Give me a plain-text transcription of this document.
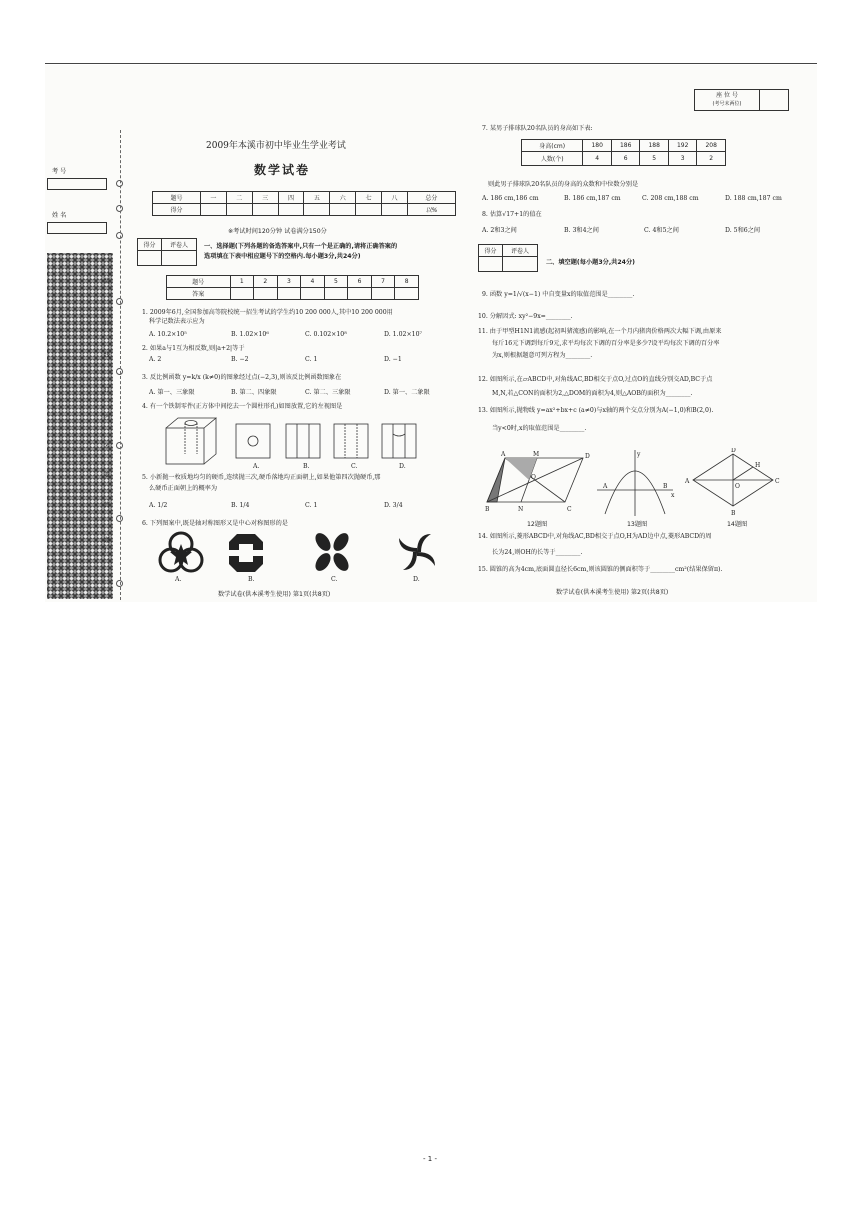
考 号
姓 名
（
装
订
线
订
内
不
要
答
题
）
2009年本溪市初中毕业生学业考试
数学试卷
题号	一	二	三	四	五	六	七	八	总分
得分									以%
※考试时间120分钟 试卷满分150分
得分	评卷人
		一、选择题(下列各题的备选答案中,只有一个是正确的,请将正确答案的
选项填在下表中相应题号下的空格内.每小题3分,共24分)
题号	1	2	3	4	5	6	7	8
答案								
1. 2009年6月,全国参加高等院校统一招生考试的学生约10 200 000人,其中10 200 000用
科学记数法表示应为
A. 10.2×10⁵	B. 1.02×10⁶	C. 0.102×10⁸	D. 1.02×10⁷
2. 如果a与1互为相反数,则|a+2|等于
A. 2	B. −2	C. 1	D. −1
3. 反比例函数 y=k/x (k≠0)的图象经过点(−2,3),则该反比例函数图象在
A. 第一、三象限	B. 第二、四象限	C. 第二、三象限	D. 第一、二象限
4. 有一个铁制零件(正方体中间挖去一个圆柱形孔)如图放置,它的左视图是
A.	B.	C.	D.
5. 小新抛一枚质地均匀的硬币,连续抛三次,硬币落地均正面朝上,如果他第四次抛硬币,那
么硬币正面朝上的概率为
A. 1/2	B. 1/4	C. 1	D. 3/4
6. 下列图案中,既是轴对称图形又是中心对称图形的是
A.	B.	C.	D.
数学试卷(供本溪考生使用) 第1页(共8页)
座 位 号
(考号末两位)

7. 某男子排球队20名队员的身高如下表:
身高(cm)	180	186	188	192	208
人数(个)	4	6	5	3	2
则此男子排球队20名队员的身高的众数和中位数分别是
A. 186 cm,186 cm	B. 186 cm,187 cm	C. 208 cm,188 cm	D. 188 cm,187 cm
8. 估算√17+1的值在
A. 2和3之间	B. 3和4之间	C. 4和5之间	D. 5和6之间
得分	评卷人

二、填空题(每小题3分,共24分)
9. 函数 y=1/√(x−1) 中自变量x的取值范围是________.
10. 分解因式: xy²−9x=________.
11. 由于甲型H1N1流感(起初叫猪流感)的影响,在一个月内猪肉价格两次大幅下调,由原来
每斤16元下调到每斤9元,求平均每次下调的百分率是多少?设平均每次下调的百分率
为x,则根据题意可列方程为________.
12. 如图所示,在▱ABCD中,对角线AC,BD相交于点O,过点O的直线分别交AD,BC于点
M,N,若△CON的面积为2,△DOM的面积为4,则△AOB的面积为________.
13. 如图所示,抛物线 y=ax²+bx+c (a≠0)与x轴的两个交点分别为A(−1,0)和B(2,0).
当y<0时,x的取值范围是________.
A	M	D
O
B	N	C
A	B
y
x
A
D
C
B
H
O
12题图	13题图	14题图
14. 如图所示,菱形ABCD中,对角线AC,BD相交于点O,H为AD边中点,菱形ABCD的周
长为24,则OH的长等于________.
15. 圆锥的高为4cm,底面圆直径长6cm,则该圆锥的侧面积等于________cm²(结果保留π).
数学试卷(供本溪考生使用) 第2页(共8页)
- 1 -
